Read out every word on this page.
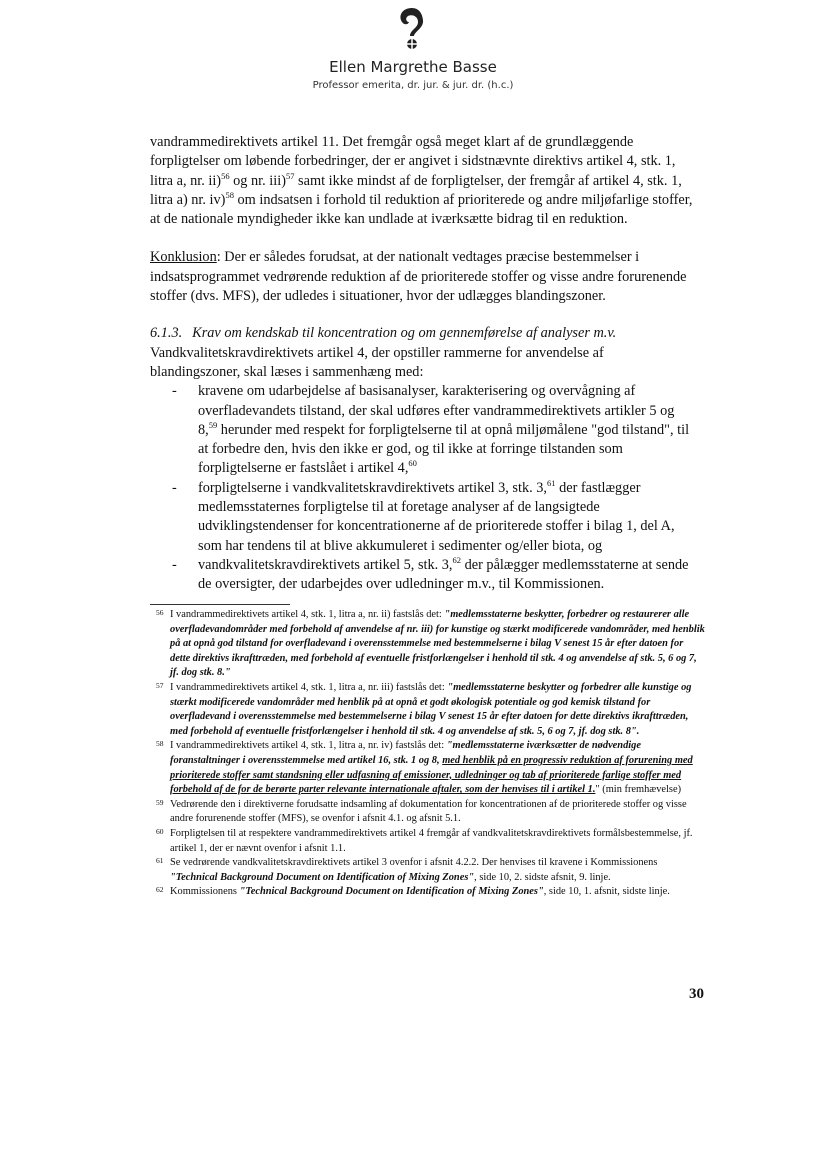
Ellen Margrethe Basse
Professor emerita, dr. jur. & jur. dr. (h.c.)

vandrammedirektivets artikel 11. Det fremgår også meget klart af de grundlæggende forpligtelser om løbende forbedringer, der er angivet i sidstnævnte direktivs artikel 4, stk. 1, litra a, nr. ii)$^{56}$ og nr. iii)$^{57}$ samt ikke mindst af de forpligtelser, der fremgår af artikel 4, stk. 1, litra a) nr. iv)$^{58}$ om indsatsen i forhold til reduktion af prioriterede og andre miljøfarlige stoffer, at de nationale myndigheder ikke kan undlade at iværksætte bidrag til en reduktion.

Konklusion: Der er således forudsat, at der nationalt vedtages præcise bestemmelser i indsatsprogrammet vedrørende reduktion af de prioriterede stoffer og visse andre forurenende stoffer (dvs. MFS), der udledes i situationer, hvor der udlægges blandingszoner.

6.1.3. Krav om kendskab til koncentration og om gennemførelse af analyser m.v.

Vandkvalitetskravdirektivets artikel 4, der opstiller rammerne for anvendelse af blandingszoner, skal læses i sammenhæng med:

- kravene om udarbejdelse af basisanalyser, karakterisering og overvågning af overfladevandets tilstand, der skal udføres efter vandrammedirektivets artikler 5 og 8,59 herunder med respekt for forpligtelserne til at opnå miljømålene "god tilstand", til at forbedre den, hvis den ikke er god, og til ikke at forringe tilstanden som forpligtelserne er fastslået i artikel 4,60
- forpligtelserne i vandkvalitetskravdirektivets artikel 3, stk. 3,61 der fastlægger medlemsstaternes forpligtelse til at foretage analyser af de langsigtede udviklingstendenser for koncentrationerne af de prioriterede stoffer i bilag 1, del A, som har tendens til at blive akkumuleret i sedimenter og/eller biota, og
- vandkvalitetskravdirektivets artikel 5, stk. 3,62 der pålægger medlemsstaterne at sende de oversigter, der udarbejdes over udledninger m.v., til Kommissionen.

56 I vandrammedirektivets artikel 4, stk. 1, litra a, nr. ii) fastslås det: "medlemsstaterne beskytter, forbedrer og restaurerer alle overfladevandområder med forbehold af anvendelse af nr. iii) for kunstige og stærkt modificerede vandområder, med henblik på at opnå god tilstand for overfladevand i overensstemmelse med bestemmelserne i bilag V senest 15 år efter datoen for dette direktivs ikrafttræden, med forbehold af eventuelle fristforlængelser i henhold til stk. 4 og anvendelse af stk. 5, 6 og 7, jf. dog stk. 8."

57 I vandrammedirektivets artikel 4, stk. 1, litra a, nr. iii) fastslås det: "medlemsstaterne beskytter og forbedrer alle kunstige og stærkt modificerede vandområder med henblik på at opnå et godt økologisk potentiale og god kemisk tilstand for overfladevand i overensstemmelse med bestemmelserne i bilag V senest 15 år efter datoen for dette direktivs ikrafttræden, med forbehold af eventuelle fristforlængelser i henhold til stk. 4 og anvendelse af stk. 5, 6 og 7, jf. dog stk. 8".

58 I vandrammedirektivets artikel 4, stk. 1, litra a, nr. iv) fastslås det: "medlemsstaterne iværksætter de nødvendige foranstaltninger i overensstemmelse med artikel 16, stk. 1 og 8, med henblik på en progressiv reduktion af forurening med prioriterede stoffer samt standsning eller udfasning af emissioner, udledninger og tab af prioriterede farlige stoffer med forbehold af de for de berørte parter relevante internationale aftaler, som der henvises til i artikel 1." (min fremhævelse)

59 Vedrørende den i direktiverne forudsatte indsamling af dokumentation for koncentrationen af de prioriterede stoffer og visse andre forurenende stoffer (MFS), se ovenfor i afsnit 4.1. og afsnit 5.1.

60 Forpligtelsen til at respektere vandrammedirektivets artikel 4 fremgår af vandkvalitetskravdirektivets formålsbestemmelse, jf. artikel 1, der er nævnt ovenfor i afsnit 1.1.

61 Se vedrørende vandkvalitetskravdirektivets artikel 3 ovenfor i afsnit 4.2.2. Der henvises til kravene i Kommissionens "Technical Background Document on Identification of Mixing Zones", side 10, 2. sidste afsnit, 9. linje.

62 Kommissionens "Technical Background Document on Identification of Mixing Zones", side 10, 1. afsnit, sidste linje.

30
